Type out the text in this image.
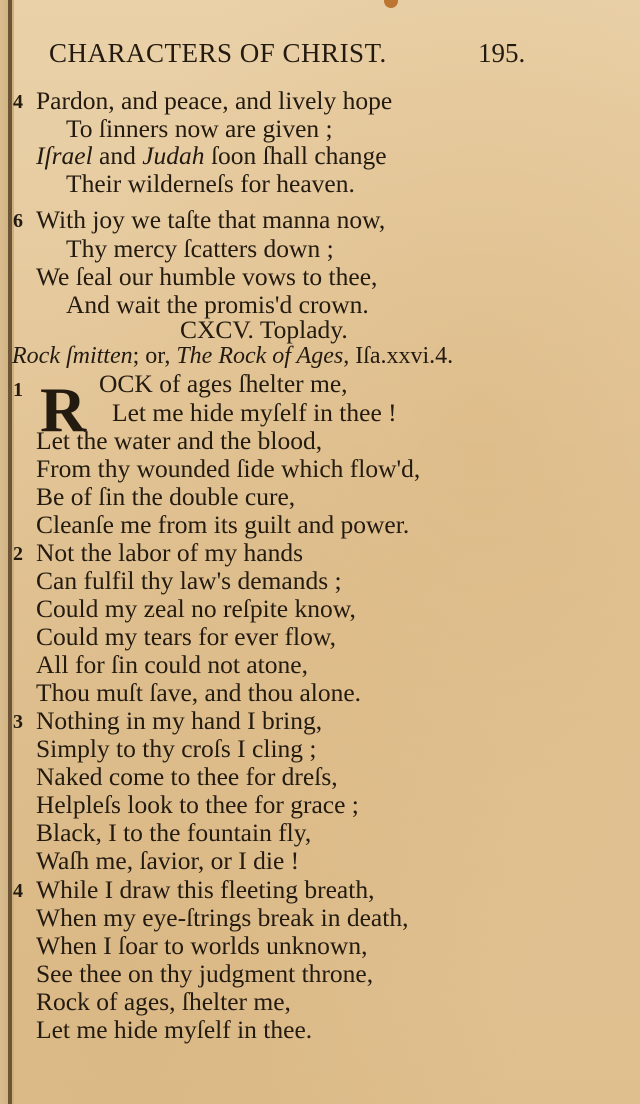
CHARACTERS OF CHRIST.	195.
4 Pardon, and peace, and lively hope
To ſinners now are given ;
Iſrael and Judah ſoon ſhall change
Their wilderneſs for heaven.
6 With joy we taſte that manna now,
Thy mercy ſcatters down ;
We ſeal our humble vows to thee,
And wait the promis'd crown.
CXCV. Toplady.
Rock ſmitten; or, The Rock of Ages, Iſa.xxvi.4.
1 R OCK of ages ſhelter me,
Let me hide myſelf in thee !
Let the water and the blood,
From thy wounded ſide which flow'd,
Be of ſin the double cure,
Cleanſe me from its guilt and power.
2 Not the labor of my hands
Can fulfil thy law's demands ;
Could my zeal no reſpite know,
Could my tears for ever flow,
All for ſin could not atone,
Thou muſt ſave, and thou alone.
3 Nothing in my hand I bring,
Simply to thy croſs I cling ;
Naked come to thee for dreſs,
Helpleſs look to thee for grace ;
Black, I to the fountain fly,
Waſh me, ſavior, or I die !
4 While I draw this fleeting breath,
When my eye-ſtrings break in death,
When I ſoar to worlds unknown,
See thee on thy judgment throne,
Rock of ages, ſhelter me,
Let me hide myſelf in thee.
